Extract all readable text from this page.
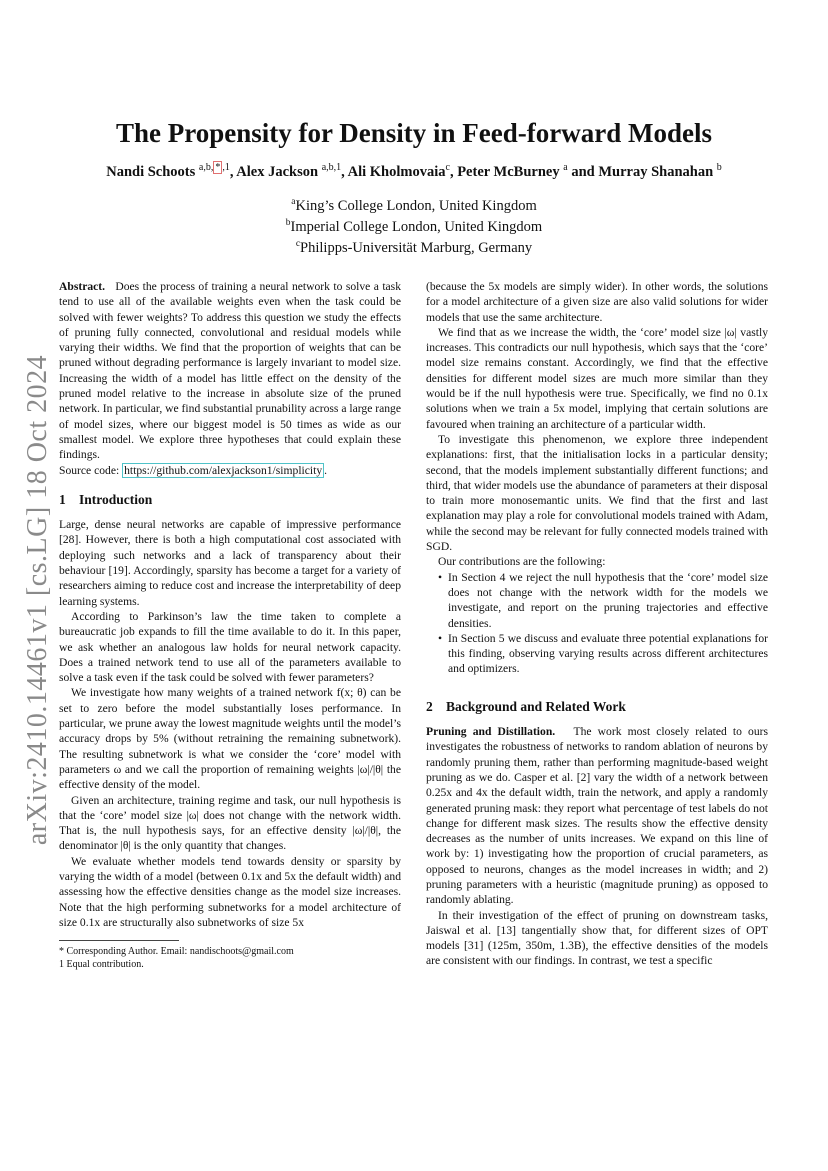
arXiv:2410.14461v1 [cs.LG] 18 Oct 2024
The Propensity for Density in Feed-forward Models
Nandi Schoots $^{a,b, * ,1}$, Alex Jackson $^{a,b,1}$, Ali Kholmovaia$^c$, Peter McBurney $^a$ and Murray Shanahan $^b$
$^a$King’s College London, United Kingdom
$^b$Imperial College London, United Kingdom
$^c$Philipps-Universität Marburg, Germany

Abstract. Does the process of training a neural network to solve a task tend to use all of the available weights even when the task could be solved with fewer weights? To address this question we study the effects of pruning fully connected, convolutional and residual models while varying their widths. We find that the proportion of weights that can be pruned without degrading performance is largely invariant to model size. Increasing the width of a model has little effect on the density of the pruned model relative to the increase in absolute size of the pruned network. In particular, we find substantial prunability across a large range of model sizes, where our biggest model is 50 times as wide as our smallest model. We explore three hypotheses that could explain these findings.

Source code: https://github.com/alexjackson1/simplicity .

1 Introduction

Large, dense neural networks are capable of impressive performance [28]. However, there is both a high computational cost associated with deploying such networks and a lack of transparency about their behaviour [19]. Accordingly, sparsity has become a target for a variety of researchers aiming to reduce cost and increase the interpretability of deep learning systems.

According to Parkinson’s law the time taken to complete a bureaucratic job expands to fill the time available to do it. In this paper, we ask whether an analogous law holds for neural network capacity. Does a trained network tend to use all of the parameters available to solve a task even if the task could be solved with fewer parameters?

We investigate how many weights of a trained network f(x; θ) can be set to zero before the model substantially loses performance. In particular, we prune away the lowest magnitude weights until the model’s accuracy drops by 5% (without retraining the remaining subnetwork). The resulting subnetwork is what we consider the ‘core’ model with parameters ω and we call the proportion of remaining weights |ω|/|θ| the effective density of the model.

Given an architecture, training regime and task, our null hypothesis is that the ‘core’ model size |ω| does not change with the network width. That is, the null hypothesis says, for an effective density |ω|/|θ|, the denominator |θ| is the only quantity that changes.

We evaluate whether models tend towards density or sparsity by varying the width of a model (between 0.1x and 5x the default width) and assessing how the effective densities change as the model size increases. Note that the high performing subnetworks for a model architecture of size 0.1x are structurally also subnetworks of size 5x

(because the 5x models are simply wider). In other words, the solutions for a model architecture of a given size are also valid solutions for wider models that use the same architecture.

We find that as we increase the width, the ‘core’ model size |ω| vastly increases. This contradicts our null hypothesis, which says that the ‘core’ model size remains constant. Accordingly, we find that the effective densities for different model sizes are much more similar than they would be if the null hypothesis were true. Specifically, we find no 0.1x solutions when we train a 5x model, implying that certain solutions are favoured when training an architecture of a particular width.

To investigate this phenomenon, we explore three independent explanations: first, that the initialisation locks in a particular density; second, that the models implement substantially different functions; and third, that wider models use the abundance of parameters at their disposal to train more monosemantic units. We find that the first and last explanation may play a role for convolutional models trained with Adam, while the second may be relevant for fully connected models trained with SGD.

Our contributions are the following:

• In Section 4 we reject the null hypothesis that the ‘core’ model size does not change with the network width for the models we investigate, and report on the pruning trajectories and effective densities.
• In Section 5 we discuss and evaluate three potential explanations for this finding, observing varying results across different architectures and optimizers.
2 Background and Related Work

Pruning and Distillation. The work most closely related to ours investigates the robustness of networks to random ablation of neurons by randomly pruning them, rather than performing magnitude-based weight pruning as we do. Casper et al. [2] vary the width of a network between 0.25x and 4x the default width, train the network, and apply a randomly generated pruning mask: they report what percentage of test labels do not change for different mask sizes. The results show the effective density decreases as the number of units increases. We expand on this line of work by: 1) investigating how the proportion of crucial parameters, as opposed to neurons, changes as the model increases in width; and 2) pruning parameters with a heuristic (magnitude pruning) as opposed to randomly ablating.

In their investigation of the effect of pruning on downstream tasks, Jaiswal et al. [13] tangentially show that, for different sizes of OPT models [31] (125m, 350m, 1.3B), the effective densities of the models are consistent with our findings. In contrast, we test a specific

* Corresponding Author. Email: nandischoots@gmail.com
1 Equal contribution.
